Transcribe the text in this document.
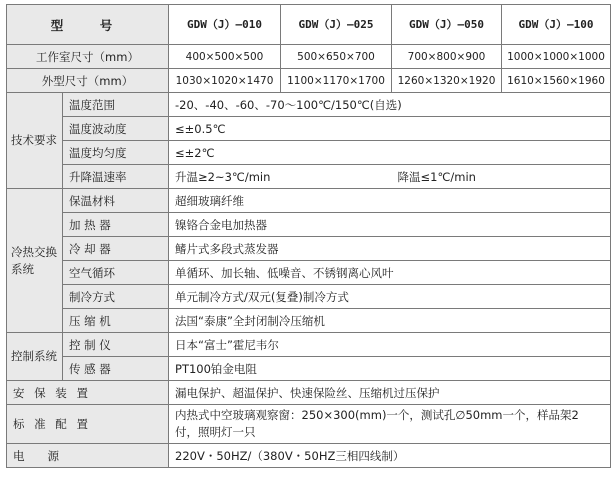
型　号		GDW（J）—010	GDW（J）—025	GDW（J）—050	GDW（J）—100
工作室尺寸（mm）		400×500×500	500×650×700	700×800×900	1000×1000×1000
外型尺寸（mm）		1030×1020×1470	1100×1170×1700	1260×1320×1920	1610×1560×1960
技术要求	温度范围	-20、-40、-60、-70～100℃/150℃(自选)			
	温度波动度	≤±0.5℃			
	温度均匀度	≤±2℃			
	升降温速率	升温≥2~3℃/min		降温≤1℃/min	
冷热交换系统	保温材料	超细玻璃纤维			
	加 热 器	镍铬合金电加热器			
	冷 却 器	鳍片式多段式蒸发器			
	空气循环	单循环、加长轴、低噪音、不锈钢离心风叶			
	制冷方式	单元制冷方式/双元(复叠)制冷方式			
	压 缩 机	法国“泰康”全封闭制冷压缩机			
控制系统	控 制 仪	日本“富士”霍尼韦尔			
	传 感 器	PT100铂金电阻			
安 保 装 置		漏电保护、超温保护、快速保险丝、压缩机过压保护			
标 准 配 置		内热式中空玻璃观察窗：250×300(mm)一个，测试孔∅50mm一个，样品架2 付，照明灯一只			
电　　源		220V・50HZ/（380V・50HZ三相四线制）			
